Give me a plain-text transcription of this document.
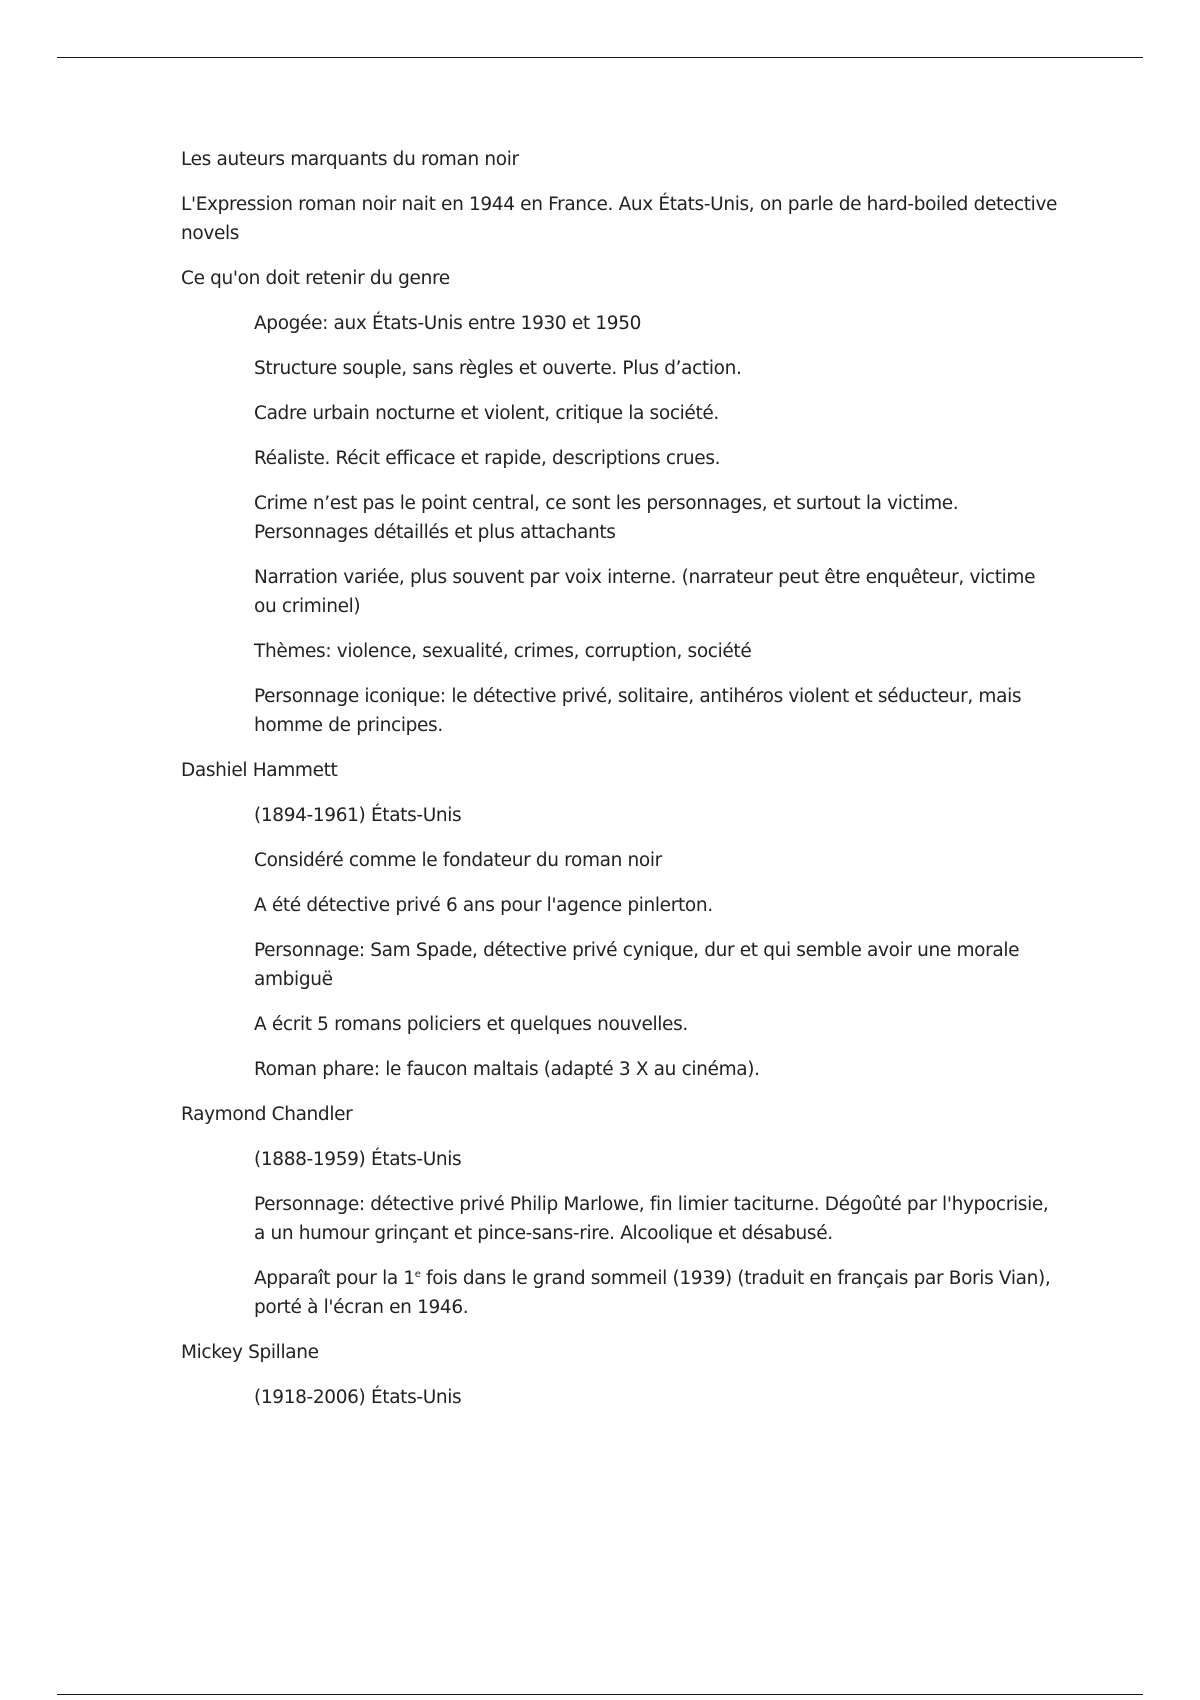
Les auteurs marquants du roman noir

L'Expression roman noir nait en 1944 en France. Aux États-Unis, on parle de hard-boiled detective novels

Ce qu'on doit retenir du genre

Apogée: aux États-Unis entre 1930 et 1950

Structure souple, sans règles et ouverte. Plus d’action.

Cadre urbain nocturne et violent, critique la société.

Réaliste. Récit efficace et rapide, descriptions crues.

Crime n’est pas le point central, ce sont les personnages, et surtout la victime. Personnages détaillés et plus attachants

Narration variée, plus souvent par voix interne. (narrateur peut être enquêteur, victime ou criminel)

Thèmes: violence, sexualité, crimes, corruption, société

Personnage iconique: le détective privé, solitaire, antihéros violent et séducteur, mais homme de principes.

Dashiel Hammett

(1894-1961) États-Unis

Considéré comme le fondateur du roman noir

A été détective privé 6 ans pour l'agence pinlerton.

Personnage: Sam Spade, détective privé cynique, dur et qui semble avoir une morale ambiguë

A écrit 5 romans policiers et quelques nouvelles.

Roman phare: le faucon maltais (adapté 3 X au cinéma).

Raymond Chandler

(1888-1959) États-Unis

Personnage: détective privé Philip Marlowe, fin limier taciturne. Dégoûté par l'hypocrisie, a un humour grinçant et pince-sans-rire. Alcoolique et désabusé.

Apparaît pour la 1e fois dans le grand sommeil (1939) (traduit en français par Boris Vian), porté à l'écran en 1946.

Mickey Spillane

(1918-2006) États-Unis
